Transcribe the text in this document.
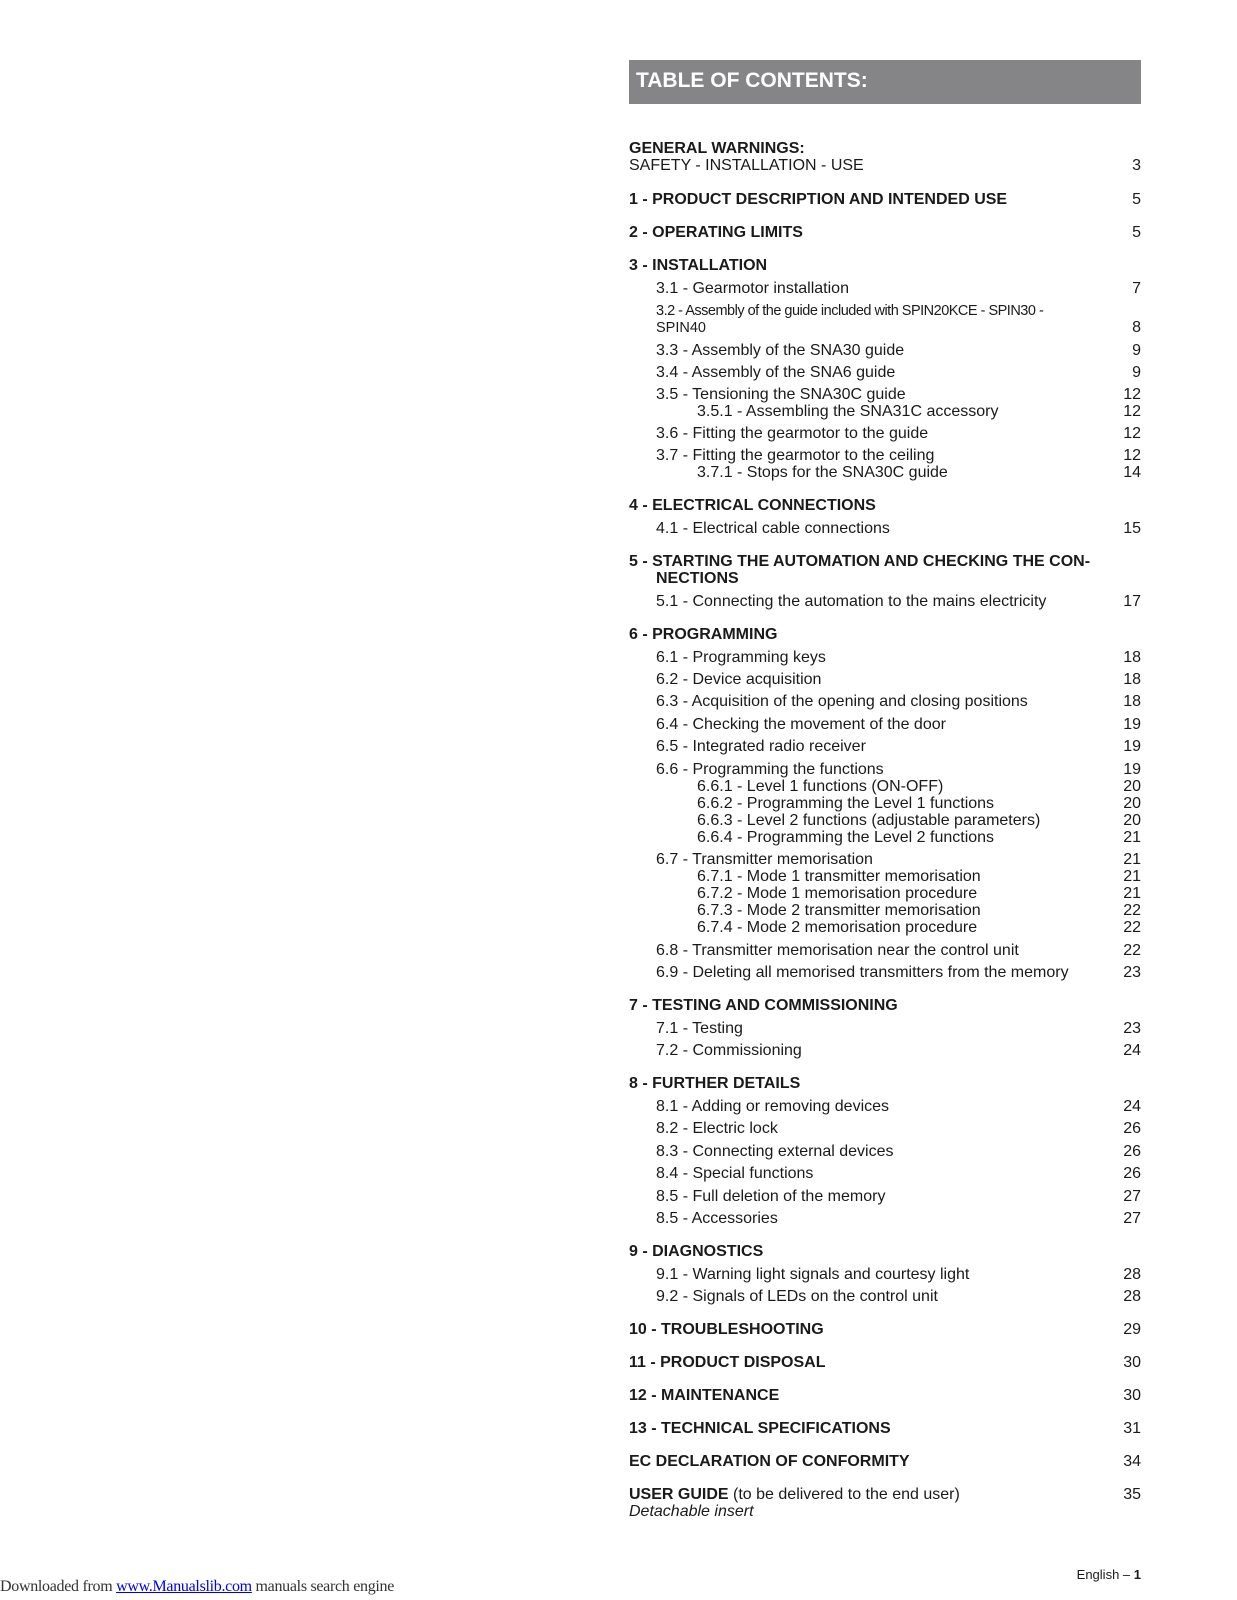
TABLE OF CONTENTS:
GENERAL WARNINGS:
SAFETY - INSTALLATION - USE	3
1 - PRODUCT DESCRIPTION AND INTENDED USE	5
2 - OPERATING LIMITS	5
3 - INSTALLATION
3.1 - Gearmotor installation	7
3.2 - Assembly of the guide included with SPIN20KCE - SPIN30 -
SPIN40	8
3.3 - Assembly of the SNA30 guide	9
3.4 - Assembly of the SNA6 guide	9
3.5 - Tensioning the SNA30C guide	12
3.5.1 - Assembling the SNA31C accessory	12
3.6 - Fitting the gearmotor to the guide	12
3.7 - Fitting the gearmotor to the ceiling	12
3.7.1 - Stops for the SNA30C guide	14
4 - ELECTRICAL CONNECTIONS
4.1 - Electrical cable connections	15
5 - STARTING THE AUTOMATION AND CHECKING THE CON-
NECTIONS
5.1 - Connecting the automation to the mains electricity	17
6 - PROGRAMMING
6.1 - Programming keys	18
6.2 - Device acquisition	18
6.3 - Acquisition of the opening and closing positions	18
6.4 - Checking the movement of the door	19
6.5 - Integrated radio receiver	19
6.6 - Programming the functions	19
6.6.1 - Level 1 functions (ON-OFF)	20
6.6.2 - Programming the Level 1 functions	20
6.6.3 - Level 2 functions (adjustable parameters)	20
6.6.4 - Programming the Level 2 functions	21
6.7 - Transmitter memorisation	21
6.7.1 - Mode 1 transmitter memorisation	21
6.7.2 - Mode 1 memorisation procedure	21
6.7.3 - Mode 2 transmitter memorisation	22
6.7.4 - Mode 2 memorisation procedure	22
6.8 - Transmitter memorisation near the control unit	22
6.9 - Deleting all memorised transmitters from the memory	23
7 - TESTING AND COMMISSIONING
7.1 - Testing	23
7.2 - Commissioning	24
8 - FURTHER DETAILS
8.1 - Adding or removing devices	24
8.2 - Electric lock	26
8.3 - Connecting external devices	26
8.4 - Special functions	26
8.5 - Full deletion of the memory	27
8.5 - Accessories	27
9 - DIAGNOSTICS
9.1 - Warning light signals and courtesy light	28
9.2 - Signals of LEDs on the control unit	28
10 - TROUBLESHOOTING	29
11 - PRODUCT DISPOSAL	30
12 - MAINTENANCE	30
13 - TECHNICAL SPECIFICATIONS	31
EC DECLARATION OF CONFORMITY	34
USER GUIDE (to be delivered to the end user)	35
Detachable insert
English – 1
Downloaded from www.Manualslib.com manuals search engine
